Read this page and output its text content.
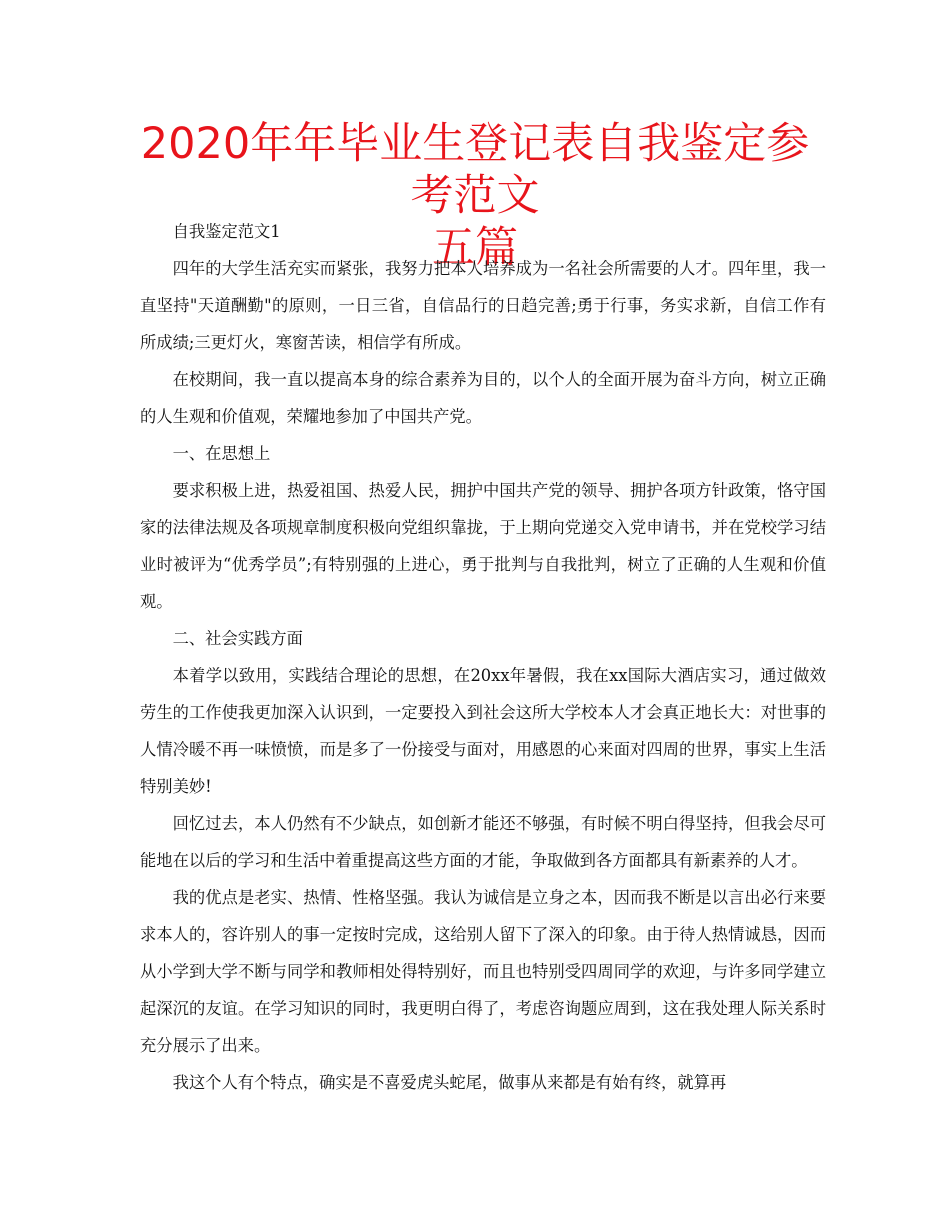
2020年年毕业生登记表自我鉴定参考范文
五篇

自我鉴定范文1

四年的大学生活充实而紧张，我努力把本人培养成为一名社会所需要的人才。四年里，我一直坚持"天道酬勤"的原则，一日三省，自信品行的日趋完善;勇于行事，务实求新，自信工作有所成绩;三更灯火，寒窗苦读，相信学有所成。

在校期间，我一直以提高本身的综合素养为目的，以个人的全面开展为奋斗方向，树立正确的人生观和价值观，荣耀地参加了中国共产党。

一、在思想上

要求积极上进，热爱祖国、热爱人民，拥护中国共产党的领导、拥护各项方针政策，恪守国家的法律法规及各项规章制度积极向党组织靠拢，于上期向党递交入党申请书，并在党校学习结业时被评为“优秀学员”;有特别强的上进心，勇于批判与自我批判，树立了正确的人生观和价值观。

二、社会实践方面

本着学以致用，实践结合理论的思想，在20xx年暑假，我在xx国际大酒店实习，通过做效劳生的工作使我更加深入认识到，一定要投入到社会这所大学校本人才会真正地长大：对世事的人情冷暖不再一味愤愤，而是多了一份接受与面对，用感恩的心来面对四周的世界，事实上生活特别美妙!

回忆过去，本人仍然有不少缺点，如创新才能还不够强，有时候不明白得坚持，但我会尽可能地在以后的学习和生活中着重提高这些方面的才能，争取做到各方面都具有新素养的人才。

我的优点是老实、热情、性格坚强。我认为诚信是立身之本，因而我不断是以言出必行来要求本人的，容许别人的事一定按时完成，这给别人留下了深入的印象。由于待人热情诚恳，因而从小学到大学不断与同学和教师相处得特别好，而且也特别受四周同学的欢迎，与许多同学建立起深沉的友谊。在学习知识的同时，我更明白得了，考虑咨询题应周到，这在我处理人际关系时充分展示了出来。

我这个人有个特点，确实是不喜爱虎头蛇尾，做事从来都是有始有终，就算再
